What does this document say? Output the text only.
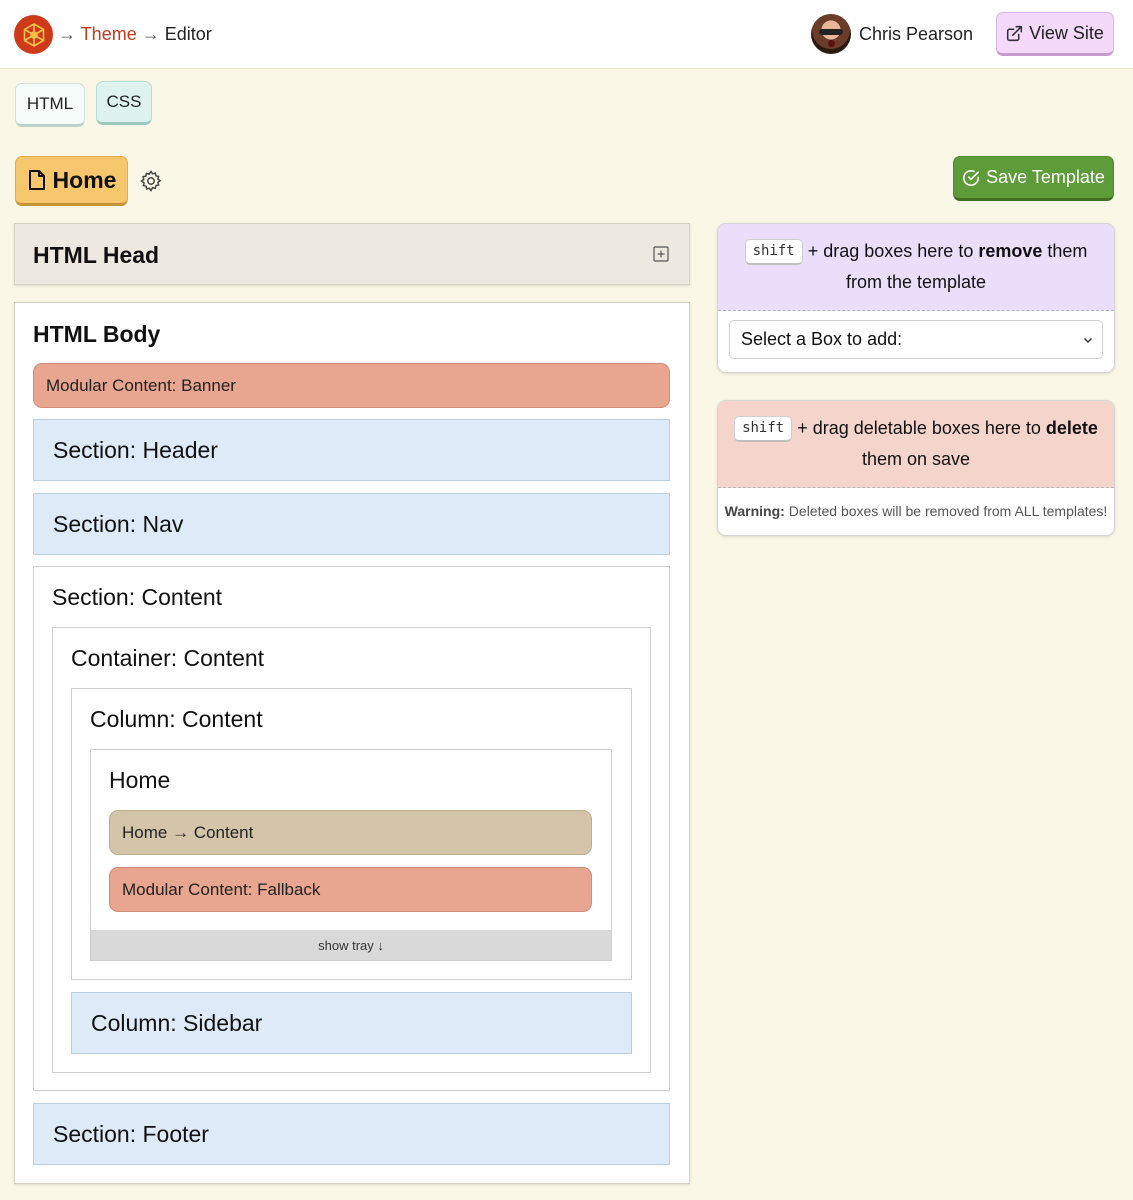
→ Theme → Editor	Chris Pearson	View Site
HTML	CSS
Home	Save Template
HTML Head
HTML Body
Modular Content: Banner
Section: Header
Section: Nav
Section: Content
Container: Content
Column: Content
Home
Home → Content
Modular Content: Fallback
show tray ↓
Column: Sidebar
Section: Footer
shift + drag boxes here to remove them from the template
Select a Box to add:
shift + drag deletable boxes here to delete them on save
Warning: Deleted boxes will be removed from ALL templates!
